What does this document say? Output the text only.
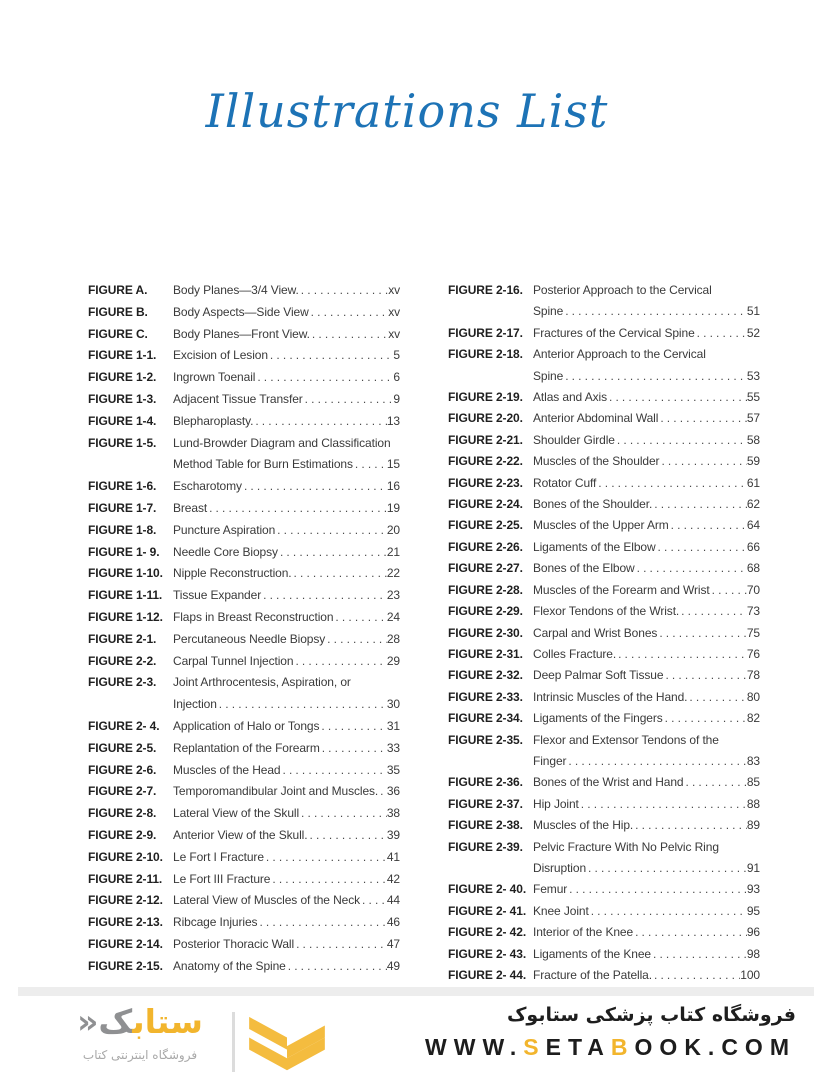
Illustrations List
FIGURE A.	Body Planes—3/4 View. . . .	xv
FIGURE B.	Body Aspects—Side View . . .	xv
FIGURE C.	Body Planes—Front View. . . .	xv
FIGURE 1-1.	Excision of Lesion . . .	5
FIGURE 1-2.	Ingrown Toenail . . .	6
FIGURE 1-3.	Adjacent Tissue Transfer . . .	9
FIGURE 1-4.	Blepharoplasty. . . .	13
FIGURE 1-5.	Lund-Browder Diagram and Classification
Method Table for Burn Estimations . . .	15
FIGURE 1-6.	Escharotomy . . .	16
FIGURE 1-7.	Breast . . .	19
FIGURE 1-8.	Puncture Aspiration . . .	20
FIGURE 1- 9.	Needle Core Biopsy . . .	21
FIGURE 1-10. Nipple Reconstruction. . . .	22
FIGURE 1-11. Tissue Expander . . .	23
FIGURE 1-12. Flaps in Breast Reconstruction . . .	24
FIGURE 2-1.	Percutaneous Needle Biopsy . . .	28
FIGURE 2-2.	Carpal Tunnel Injection . . .	29
FIGURE 2-3.	Joint Arthrocentesis, Aspiration, or
Injection . . .	30
FIGURE 2- 4.	Application of Halo or Tongs . . .	31
FIGURE 2-5.	Replantation of the Forearm . . .	33
FIGURE 2-6.	Muscles of the Head . . .	35
FIGURE 2-7.	Temporomandibular Joint and Muscles. . . . 36
FIGURE 2-8.	Lateral View of the Skull . . .	38
FIGURE 2-9.	Anterior View of the Skull. . . .	39
FIGURE 2-10. Le Fort I Fracture . . .	41
FIGURE 2-11. Le Fort III Fracture . . .	42
FIGURE 2-12. Lateral View of Muscles of the Neck . . . 44
FIGURE 2-13. Ribcage Injuries . . .	46
FIGURE 2-14. Posterior Thoracic Wall . . .	47
FIGURE 2-15. Anatomy of the Spine . . .	49
FIGURE 2-16. Posterior Approach to the Cervical
Spine . . .	51
FIGURE 2-17. Fractures of the Cervical Spine . . .	52
FIGURE 2-18. Anterior Approach to the Cervical
Spine . . .	53
FIGURE 2-19. Atlas and Axis . . .	55
FIGURE 2-20. Anterior Abdominal Wall . . .	57
FIGURE 2-21. Shoulder Girdle . . .	58
FIGURE 2-22. Muscles of the Shoulder . . .	59
FIGURE 2-23. Rotator Cuff . . .	61
FIGURE 2-24. Bones of the Shoulder. . . .	62
FIGURE 2-25. Muscles of the Upper Arm . . .	64
FIGURE 2-26. Ligaments of the Elbow . . .	66
FIGURE 2-27. Bones of the Elbow . . .	68
FIGURE 2-28. Muscles of the Forearm and Wrist . . .	70
FIGURE 2-29. Flexor Tendons of the Wrist. . . .	73
FIGURE 2-30. Carpal and Wrist Bones . . .	75
FIGURE 2-31. Colles Fracture. . . .	76
FIGURE 2-32. Deep Palmar Soft Tissue . . .	78
FIGURE 2-33. Intrinsic Muscles of the Hand. . . .	80
FIGURE 2-34. Ligaments of the Fingers . . .	82
FIGURE 2-35. Flexor and Extensor Tendons of the
Finger . . .	83
FIGURE 2-36. Bones of the Wrist and Hand . . .	85
FIGURE 2-37. Hip Joint . . .	88
FIGURE 2-38. Muscles of the Hip. . . .	89
FIGURE 2-39. Pelvic Fracture With No Pelvic Ring
Disruption . . .	91
FIGURE 2- 40. Femur . . .	93
FIGURE 2- 41. Knee Joint . . .	95
FIGURE 2- 42. Interior of the Knee . . .	96
FIGURE 2- 43. Ligaments of the Knee . . .	98
FIGURE 2- 44. Fracture of the Patella. . . .	100
ستابک«
فروشگاه اینترنتی کتاب
فروشگاه کتاب پزشکی ستابوک
WWW.SETABOOK.COM
